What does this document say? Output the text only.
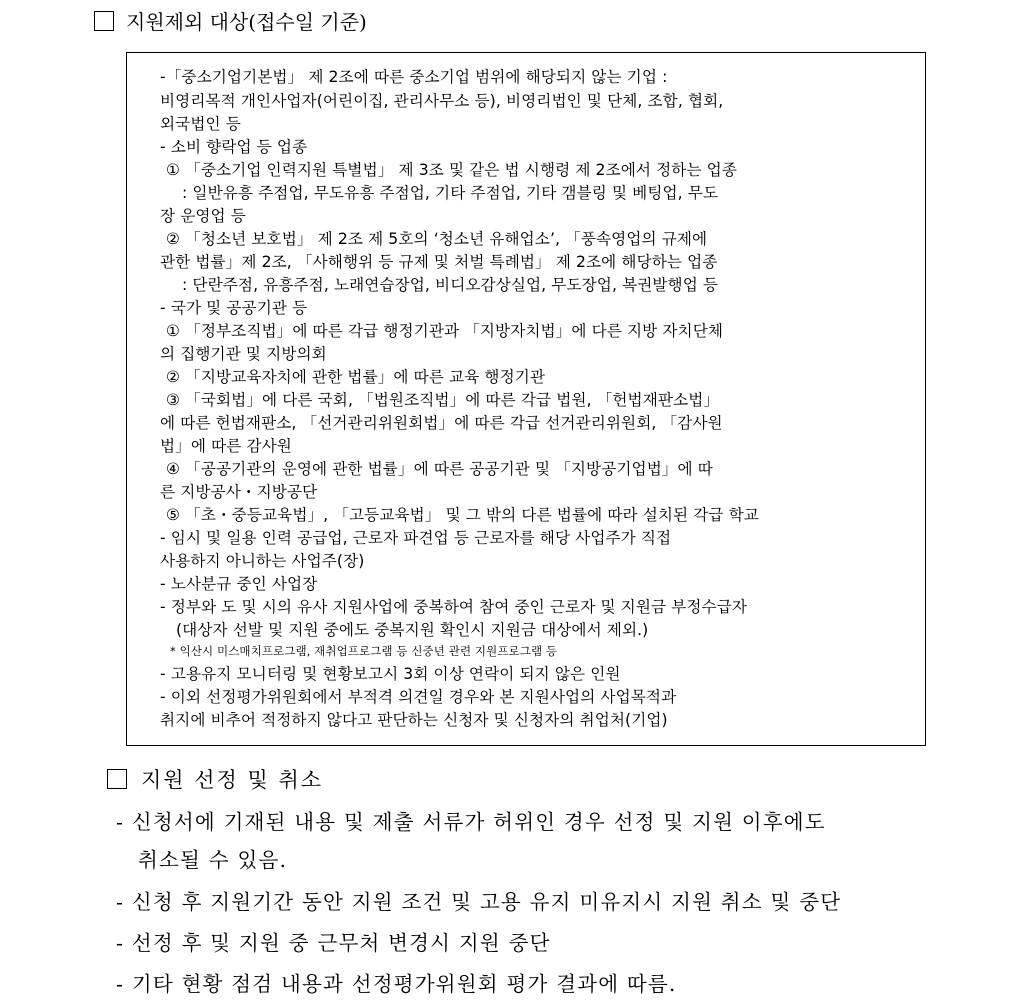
지원제외 대상(접수일 기준)
-「중소기업기본법」 제 2조에 따른 중소기업 범위에 해당되지 않는 기업 :
비영리목적 개인사업자(어린이집, 관리사무소 등), 비영리법인 및 단체, 조합, 협회,
외국법인 등
- 소비 향락업 등 업종
① 「중소기업 인력지원 특별법」 제 3조 및 같은 법 시행령 제 2조에서 정하는 업종
: 일반유흥 주점업, 무도유흥 주점업, 기타 주점업, 기타 갬블링 및 베팅업, 무도
장 운영업 등
② 「청소년 보호법」 제 2조 제 5호의 ‘청소년 유해업소’, 「풍속영업의 규제에
관한 법률」제 2조, 「사해행위 등 규제 및 처벌 특례법」 제 2조에 해당하는 업종
: 단란주점, 유흥주점, 노래연습장업, 비디오감상실업, 무도장업, 복권발행업 등
- 국가 및 공공기관 등
① 「정부조직법」에 따른 각급 행정기관과 「지방자치법」에 다른 지방 자치단체
의 집행기관 및 지방의회
② 「지방교육자치에 관한 법률」에 따른 교육 행정기관
③ 「국회법」에 다른 국회, 「법원조직법」에 따른 각급 법원, 「헌법재판소법」
에 따른 헌법재판소, 「선거관리위원회법」에 따른 각급 선거관리위원회, 「감사원
법」에 따른 감사원
④ 「공공기관의 운영에 관한 법률」에 따른 공공기관 및 「지방공기업법」에 따
른 지방공사・지방공단
⑤ 「초・중등교육법」, 「고등교육법」 및 그 밖의 다른 법률에 따라 설치된 각급 학교
- 임시 및 일용 인력 공급업, 근로자 파견업 등 근로자를 해당 사업주가 직접
사용하지 아니하는 사업주(장)
- 노사분규 중인 사업장
- 정부와 도 및 시의 유사 지원사업에 중복하여 참여 중인 근로자 및 지원금 부정수급자
(대상자 선발 및 지원 중에도 중복지원 확인시 지원금 대상에서 제외.)
* 익산시 미스매치프로그램, 재취업프로그램 등 신중년 관련 지원프로그램 등
- 고용유지 모니터링 및 현황보고시 3회 이상 연락이 되지 않은 인원
- 이외 선정평가위원회에서 부적격 의견일 경우와 본 지원사업의 사업목적과
취지에 비추어 적정하지 않다고 판단하는 신청자 및 신청자의 취업처(기업)
지원 선정 및 취소
- 신청서에 기재된 내용 및 제출 서류가 허위인 경우 선정 및 지원 이후에도
취소될 수 있음.
- 신청 후 지원기간 동안 지원 조건 및 고용 유지 미유지시 지원 취소 및 중단
- 선정 후 및 지원 중 근무처 변경시 지원 중단
- 기타 현황 점검 내용과 선정평가위원회 평가 결과에 따름.
